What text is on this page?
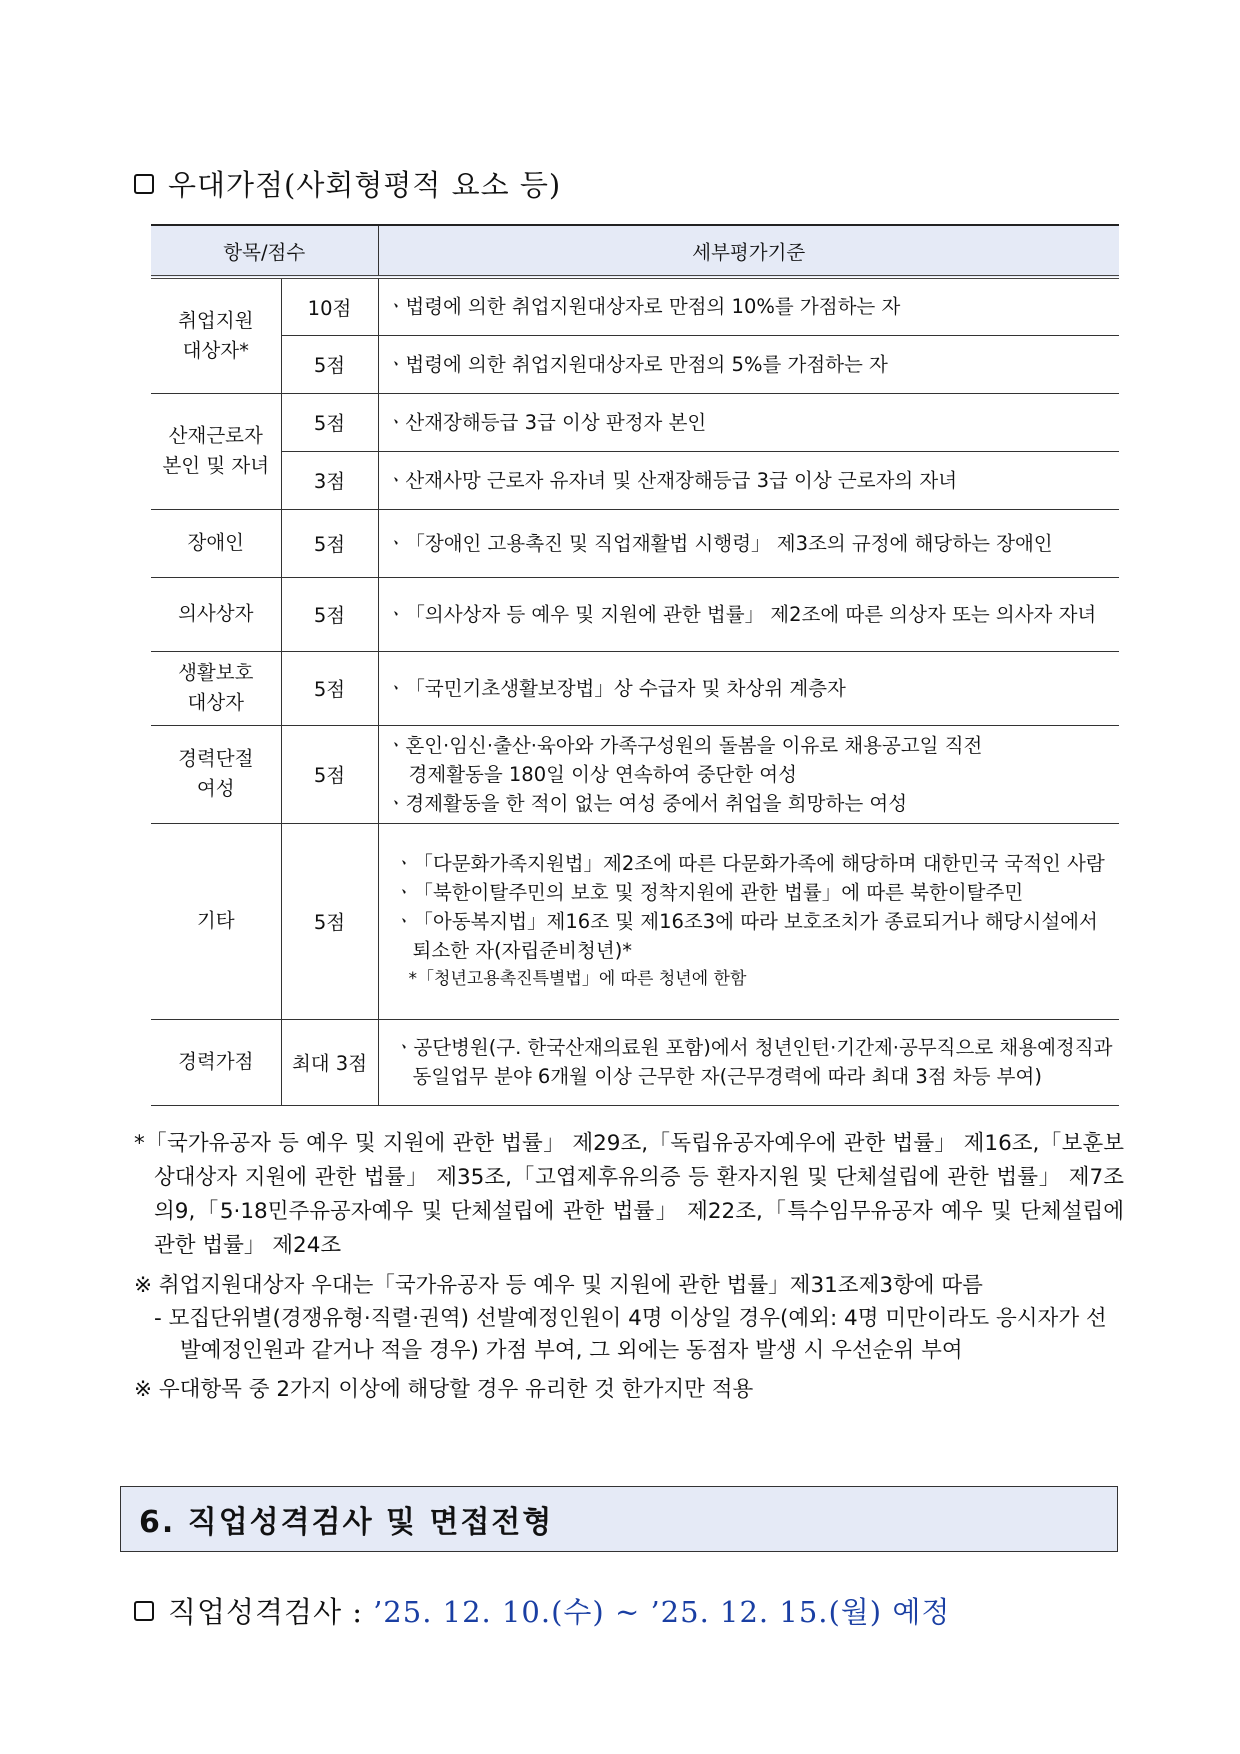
우대가점(사회형평적 요소 등)
항목/점수		세부평가기준

취업지원
대상자*	10점	ㆍ법령에 의한 취업지원대상자로 만점의 10%를 가점하는 자

	5점	ㆍ법령에 의한 취업지원대상자로 만점의 5%를 가점하는 자

산재근로자
본인 및 자녀	5점	ㆍ산재장해등급 3급 이상 판정자 본인

	3점	ㆍ산재사망 근로자 유자녀 및 산재장해등급 3급 이상 근로자의 자녀

장애인	5점	ㆍ「장애인 고용촉진 및 직업재활법 시행령」 제3조의 규정에 해당하는 장애인

의사상자	5점	ㆍ「의사상자 등 예우 및 지원에 관한 법률」 제2조에 따른 의상자 또는 의사자 자녀

생활보호
대상자	5점	ㆍ「국민기초생활보장법」상 수급자 및 차상위 계층자

경력단절
여성	5점	ㆍ혼인·임신·출산·육아와 가족구성원의 돌봄을 이유로 채용공고일 직전
경제활동을 180일 이상 연속하여 중단한 여성
ㆍ경제활동을 한 적이 없는 여성 중에서 취업을 희망하는 여성

기타	5점	ㆍ「다문화가족지원법」제2조에 따른 다문화가족에 해당하며 대한민국 국적인 사람
ㆍ「북한이탈주민의 보호 및 정착지원에 관한 법률」에 따른 북한이탈주민
ㆍ「아동복지법」제16조 및 제16조3에 따라 보호조치가 종료되거나 해당시설에서 퇴소한 자(자립준비청년)*
*「청년고용촉진특별법」에 따른 청년에 한함

경력가점	최대 3점	ㆍ공단병원(구. 한국산재의료원 포함)에서 청년인턴·기간제·공무직으로 채용예정직과 동일업무 분야 6개월 이상 근무한 자(근무경력에 따라 최대 3점 차등 부여)
*「국가유공자 등 예우 및 지원에 관한 법률」 제29조,「독립유공자예우에 관한 법률」 제16조,「보훈보상대상자 지원에 관한 법률」 제35조,「고엽제후유의증 등 환자지원 및 단체설립에 관한 법률」 제7조의9,「5·18민주유공자예우 및 단체설립에 관한 법률」 제22조,「특수임무유공자 예우 및 단체설립에 관한 법률」 제24조
※ 취업지원대상자 우대는「국가유공자 등 예우 및 지원에 관한 법률」제31조제3항에 따름
- 모집단위별(경쟁유형·직렬·권역) 선발예정인원이 4명 이상일 경우(예외: 4명 미만이라도 응시자가 선발예정인원과 같거나 적을 경우) 가점 부여, 그 외에는 동점자 발생 시 우선순위 부여
※ 우대항목 중 2가지 이상에 해당할 경우 유리한 것 한가지만 적용
6. 직업성격검사 및 면접전형
직업성격검사 : ’25. 12. 10.(수) ~ ’25. 12. 15.(월) 예정
